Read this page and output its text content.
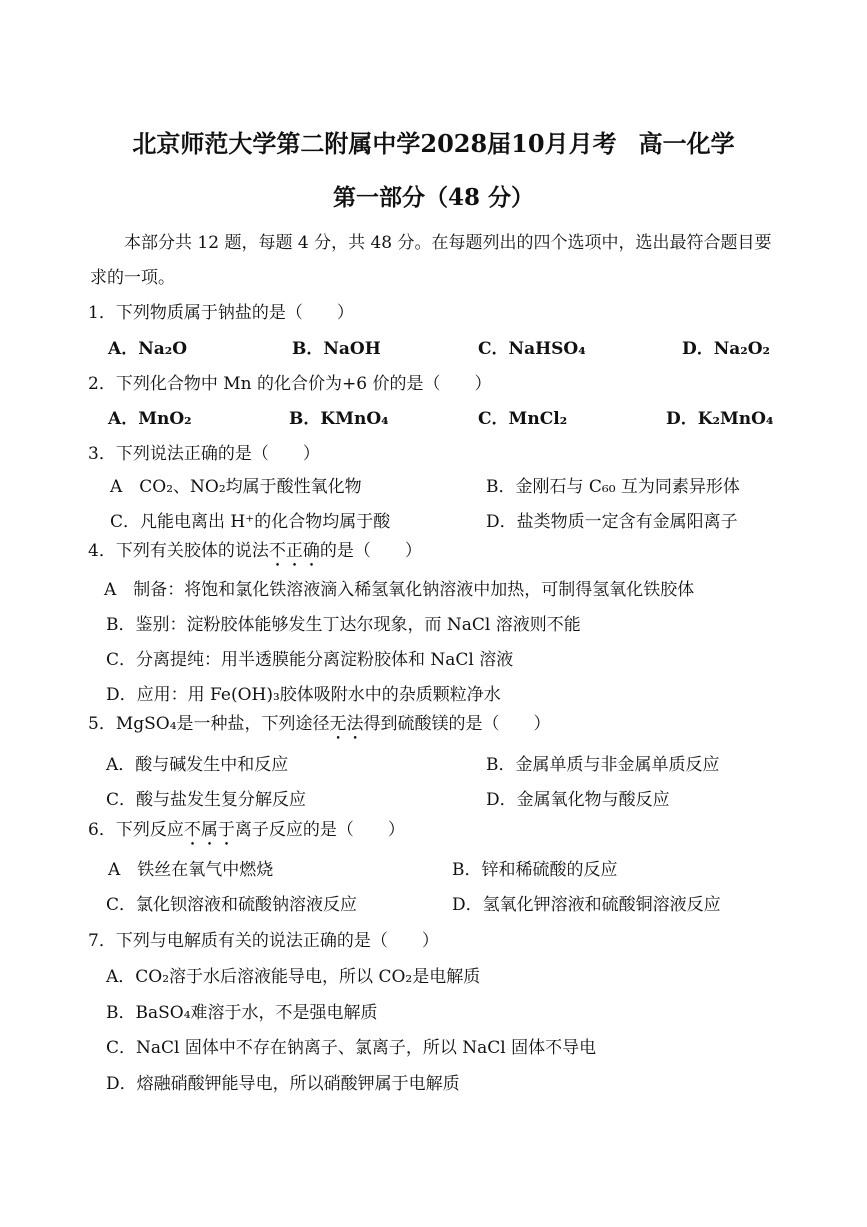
北京师范大学第二附属中学2028届10月月考 高一化学
第一部分（48 分）
本部分共 12 题，每题 4 分，共 48 分。在每题列出的四个选项中，选出最符合题目要
求的一项。
1．下列物质属于钠盐的是（　　）
A．Na₂O	B．NaOH	C．NaHSO₄	D．Na₂O₂
2．下列化合物中 Mn 的化合价为+6 价的是（　　）
A．MnO₂	B．KMnO₄	C．MnCl₂	D．K₂MnO₄
3．下列说法正确的是（　　）
A　CO₂、NO₂均属于酸性氧化物	B．金刚石与 C₆₀ 互为同素异形体
C．凡能电离出 H⁺的化合物均属于酸	D．盐类物质一定含有金属阳离子
4．下列有关胶体的说法不正确的是（　　）
A　制备：将饱和氯化铁溶液滴入稀氢氧化钠溶液中加热，可制得氢氧化铁胶体
B．鉴别：淀粉胶体能够发生丁达尔现象，而 NaCl 溶液则不能
C．分离提纯：用半透膜能分离淀粉胶体和 NaCl 溶液
D．应用：用 Fe(OH)₃胶体吸附水中的杂质颗粒净水
5．MgSO₄是一种盐，下列途径无法得到硫酸镁的是（　　）
A．酸与碱发生中和反应	B．金属单质与非金属单质反应
C．酸与盐发生复分解反应	D．金属氧化物与酸反应
6．下列反应不属于离子反应的是（　　）
A　铁丝在氧气中燃烧	B．锌和稀硫酸的反应
C．氯化钡溶液和硫酸钠溶液反应	D．氢氧化钾溶液和硫酸铜溶液反应
7．下列与电解质有关的说法正确的是（　　）
A．CO₂溶于水后溶液能导电，所以 CO₂是电解质
B．BaSO₄难溶于水，不是强电解质
C．NaCl 固体中不存在钠离子、氯离子，所以 NaCl 固体不导电
D．熔融硝酸钾能导电，所以硝酸钾属于电解质
